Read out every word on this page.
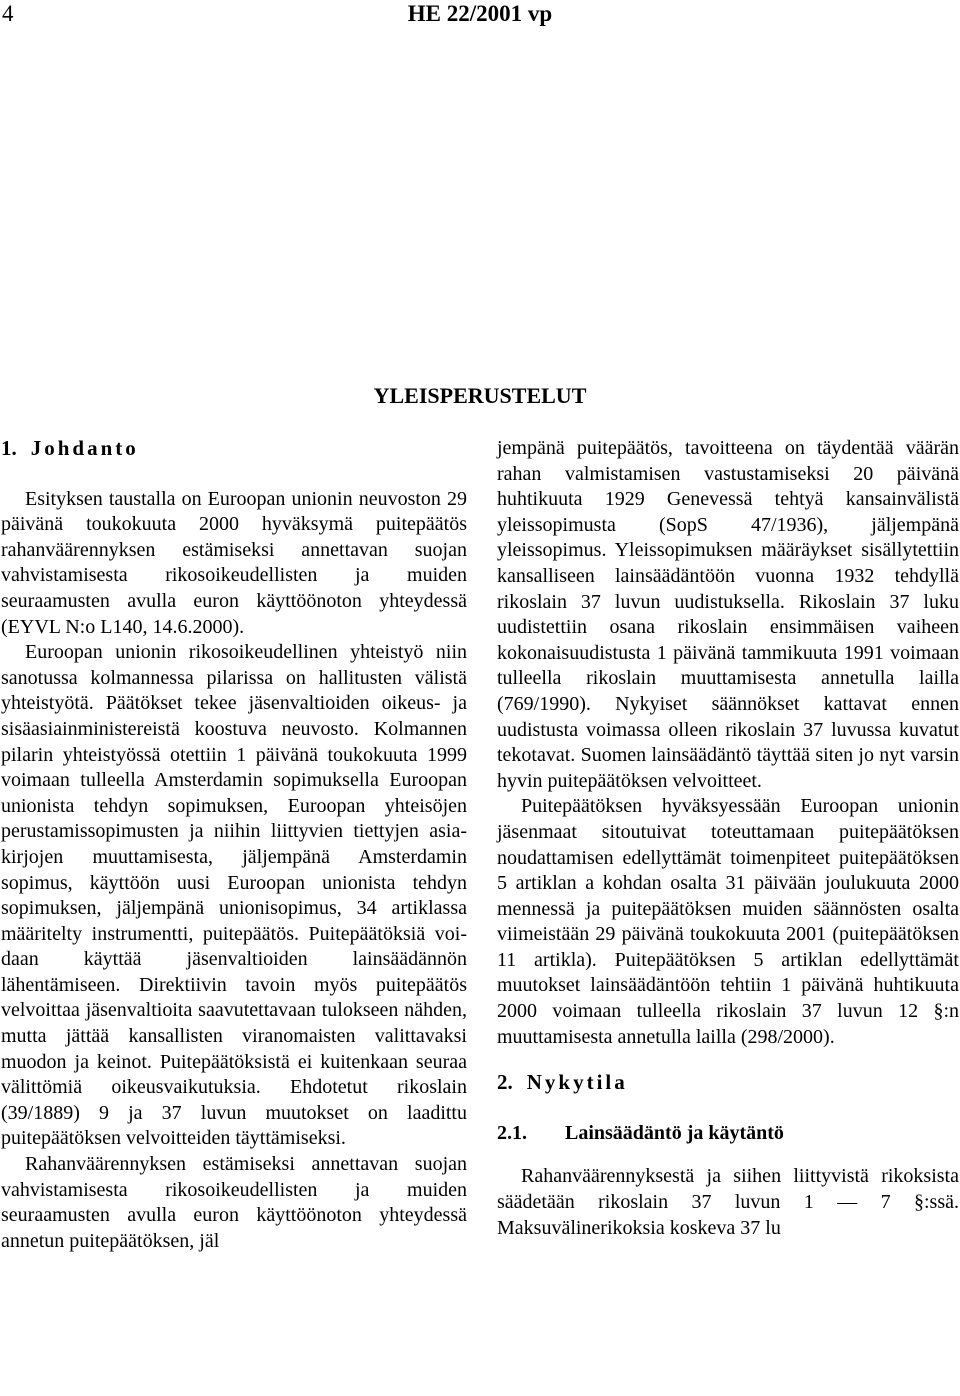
4	HE 22/2001 vp
YLEISPERUSTELUT
1. Johdanto

Esityksen taustalla on Euroopan unionin neuvoston 29 päivänä toukokuuta 2000 hyväksymä puitepäätös rahanväärennyksen estämiseksi annettavan suojan vahvistamisesta rikosoikeudellisten ja muiden seuraamusten avulla euron käyttöönoton yhteydessä (EYVL N:o L140, 14.6.2000).

Euroopan unionin rikosoikeudellinen yhteistyö niin sanotussa kolmannessa pilarissa on hallitusten välistä yhteistyötä. Päätökset tekee jäsenvaltioiden oikeus- ja sisäasiainministereistä koostuva neuvosto. Kolmannen pilarin yhteistyössä otettiin 1 päivänä toukokuuta 1999 voimaan tulleella Amsterdamin sopimuksella Euroopan unionista tehdyn sopimuksen, Euroopan yhteisöjen perustamissopimusten ja niihin liittyvien tiettyjen asiakirjojen muuttamisesta, jäljempänä Amsterdamin sopimus, käyttöön uusi Euroopan unionista tehdyn sopimuksen, jäljempänä unionisopimus, 34 artiklassa määritelty instrumentti, puitepäätös. Puitepäätöksiä voidaan käyttää jäsenvaltioiden lainsäädännön lähentämiseen. Direktiivin tavoin myös puitepäätös velvoittaa jäsenvaltioita saavutettavaan tulokseen nähden, mutta jättää kansallisten viranomaisten valittavaksi muodon ja keinot. Puitepäätöksistä ei kuitenkaan seuraa välittömiä oikeusvaikutuksia. Ehdotetut rikoslain (39/1889) 9 ja 37 luvun muutokset on laadittu puitepäätöksen velvoitteiden täyttämiseksi.

Rahanväärennyksen estämiseksi annettavan suojan vahvistamisesta rikosoikeudellisten ja muiden seuraamusten avulla euron käyttöönoton yhteydessä annetun puitepäätöksen, jäl

jempänä puitepäätös, tavoitteena on täydentää väärän rahan valmistamisen vastustamiseksi 20 päivänä huhtikuuta 1929 Genevessä tehtyä kansainvälistä yleissopimusta (SopS 47/1936), jäljempänä yleissopimus. Yleissopimuksen määräykset sisällytettiin kansalliseen lainsäädäntöön vuonna 1932 tehdyllä rikoslain 37 luvun uudistuksella. Rikoslain 37 luku uudistettiin osana rikoslain ensimmäisen vaiheen kokonaisuudistusta 1 päivänä tammikuuta 1991 voimaan tulleella rikoslain muuttamisesta annetulla lailla (769/1990). Nykyiset säännökset kattavat ennen uudistusta voimassa olleen rikoslain 37 luvussa kuvatut tekotavat. Suomen lainsäädäntö täyttää siten jo nyt varsin hyvin puitepäätöksen velvoitteet.

Puitepäätöksen hyväksyessään Euroopan unionin jäsenmaat sitoutuivat toteuttamaan puitepäätöksen noudattamisen edellyttämät toimenpiteet puitepäätöksen 5 artiklan a kohdan osalta 31 päivään joulukuuta 2000 mennessä ja puitepäätöksen muiden säännösten osalta viimeistään 29 päivänä toukokuuta 2001 (puitepäätöksen 11 artikla). Puitepäätöksen 5 artiklan edellyttämät muutokset lainsäädäntöön tehtiin 1 päivänä huhtikuuta 2000 voimaan tulleella rikoslain 37 luvun 12 §:n muuttamisesta annetulla lailla (298/2000).

2. Nykytila
2.1. Lainsäädäntö ja käytäntö

Rahanväärennyksestä ja siihen liittyvistä rikoksista säädetään rikoslain 37 luvun 1 — 7 §:ssä. Maksuvälinerikoksia koskeva 37 lu
